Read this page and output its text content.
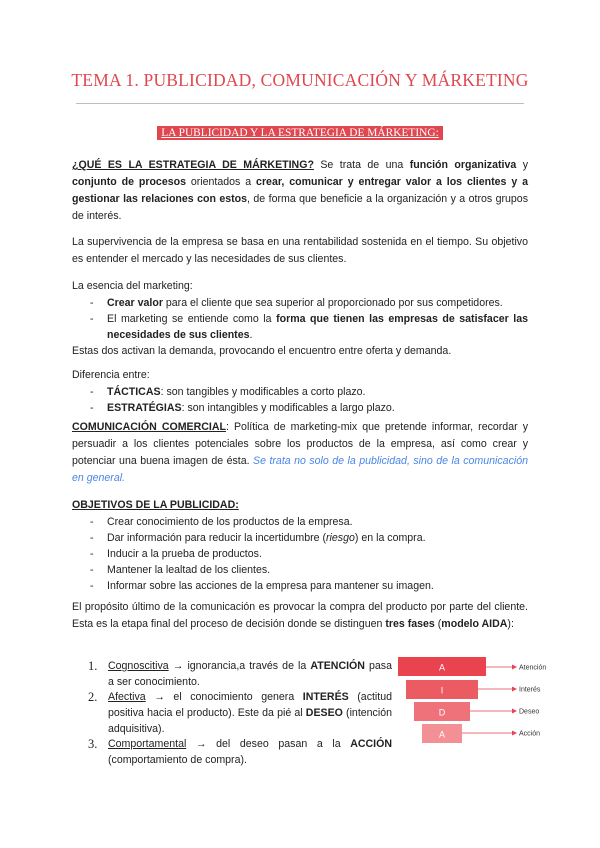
TEMA 1. PUBLICIDAD, COMUNICACIÓN Y MÁRKETING
LA PUBLICIDAD Y LA ESTRATEGIA DE MÁRKETING:
¿QUÉ ES LA ESTRATEGIA DE MÁRKETING? Se trata de una función organizativa y conjunto de procesos orientados a crear, comunicar y entregar valor a los clientes y a gestionar las relaciones con estos, de forma que beneficie a la organización y a otros grupos de interés.
La supervivencia de la empresa se basa en una rentabilidad sostenida en el tiempo. Su objetivo es entender el mercado y las necesidades de sus clientes.
La esencia del marketing:
- Crear valor para el cliente que sea superior al proporcionado por sus competidores.
- El marketing se entiende como la forma que tienen las empresas de satisfacer las necesidades de sus clientes.
Estas dos activan la demanda, provocando el encuentro entre oferta y demanda.
Diferencia entre:
- TÁCTICAS: son tangibles y modificables a corto plazo.
- ESTRATÉGIAS: son intangibles y modificables a largo plazo.
COMUNICACIÓN COMERCIAL: Política de marketing-mix que pretende informar, recordar y persuadir a los clientes potenciales sobre los productos de la empresa, así como crear y potenciar una buena imagen de ésta. Se trata no solo de la publicidad, sino de la comunicación en general.
OBJETIVOS DE LA PUBLICIDAD:
- Crear conocimiento de los productos de la empresa.
- Dar información para reducir la incertidumbre (riesgo) en la compra.
- Inducir a la prueba de productos.
- Mantener la lealtad de los clientes.
- Informar sobre las acciones de la empresa para mantener su imagen.
El propósito último de la comunicación es provocar la compra del producto por parte del cliente. Esta es la etapa final del proceso de decisión donde se distinguen tres fases (modelo AIDA):
1.	Cognoscitiva → ignorancia,a través de la ATENCIÓN pasa a ser conocimiento.
2.	Afectiva → el conocimiento genera INTERÉS (actitud positiva hacia el producto). Este da pié al DESEO (intención adquisitiva).
3.	Comportamental → del deseo pasan a la ACCIÓN (comportamiento de compra).
A
I
D
A
Atención
Interés
Deseo
Acción
